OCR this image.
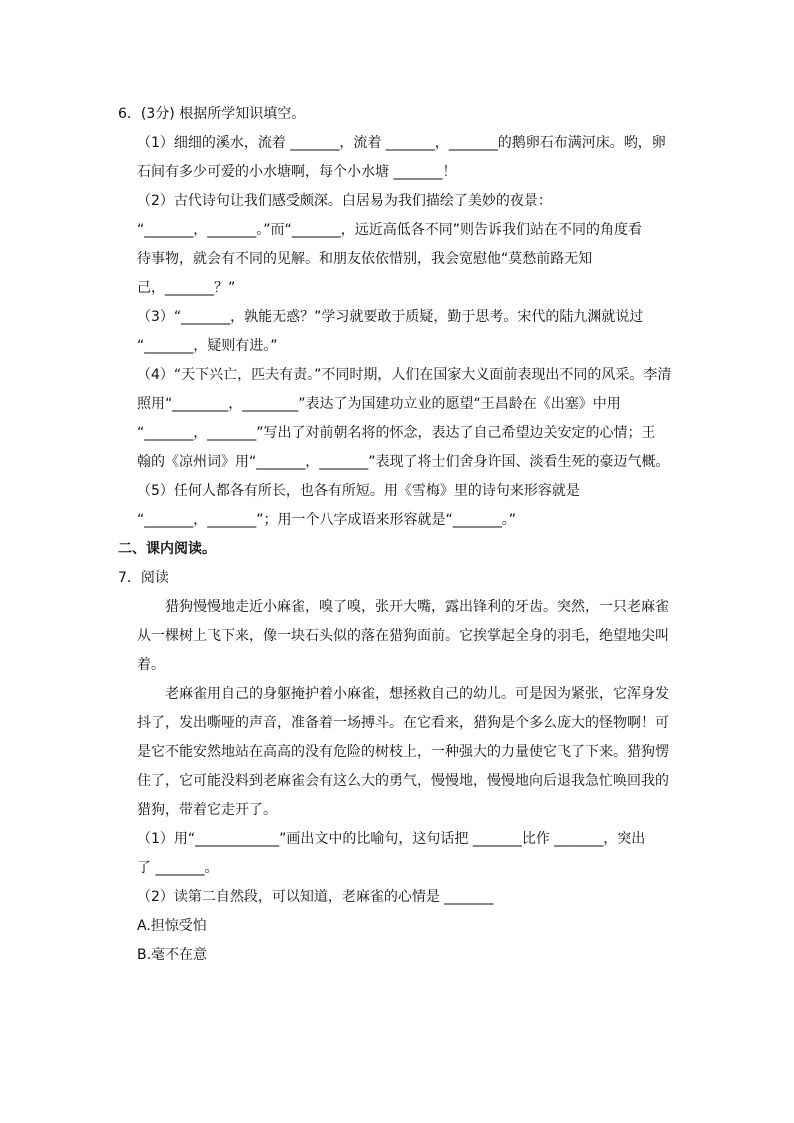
6．(3分) 根据所学知识填空。
（1）细细的溪水，流着 _______，流着 _______，_______的鹅卵石布满河床。哟，卵
石间有多少可爱的小水塘啊，每个小水塘 _______！
（2）古代诗句让我们感受颇深。白居易为我们描绘了美妙的夜景：
“_______，_______。”而“_______，远近高低各不同”则告诉我们站在不同的角度看
待事物，就会有不同的见解。和朋友依依惜别，我会宽慰他“莫愁前路无知
己，_______？”
（3）“_______，孰能无惑？”学习就要敢于质疑，勤于思考。宋代的陆九渊就说过
“_______，疑则有进。”
（4）“天下兴亡，匹夫有责。”不同时期，人们在国家大义面前表现出不同的风采。李清
照用“________，________”表达了为国建功立业的愿望“王昌龄在《出塞》中用
“_______，_______”写出了对前朝名将的怀念，表达了自己希望边关安定的心情；王
翰的《凉州词》用“_______，_______”表现了将士们舍身许国、淡看生死的豪迈气概。
（5）任何人都各有所长，也各有所短。用《雪梅》里的诗句来形容就是
“_______，_______”；用一个八字成语来形容就是“_______。”
二、课内阅读。
7．阅读
猎狗慢慢地走近小麻雀，嗅了嗅，张开大嘴，露出锋利的牙齿。突然，一只老麻雀
从一棵树上飞下来，像一块石头似的落在猎狗面前。它挨掌起全身的羽毛，绝望地尖叫
着。
老麻雀用自己的身躯掩护着小麻雀，想拯救自己的幼儿。可是因为紧张，它浑身发
抖了，发出嘶哑的声音，准备着一场搏斗。在它看来，猎狗是个多么庞大的怪物啊！可
是它不能安然地站在高高的没有危险的树枝上，一种强大的力量使它飞了下来。猎狗愣
住了，它可能没料到老麻雀会有这么大的勇气，慢慢地，慢慢地向后退我急忙唤回我的
猎狗，带着它走开了。
（1）用“____________”画出文中的比喻句，这句话把 _______比作 _______，突出
了 _______。
（2）读第二自然段，可以知道，老麻雀的心情是 _______
A.担惊受怕
B.毫不在意
